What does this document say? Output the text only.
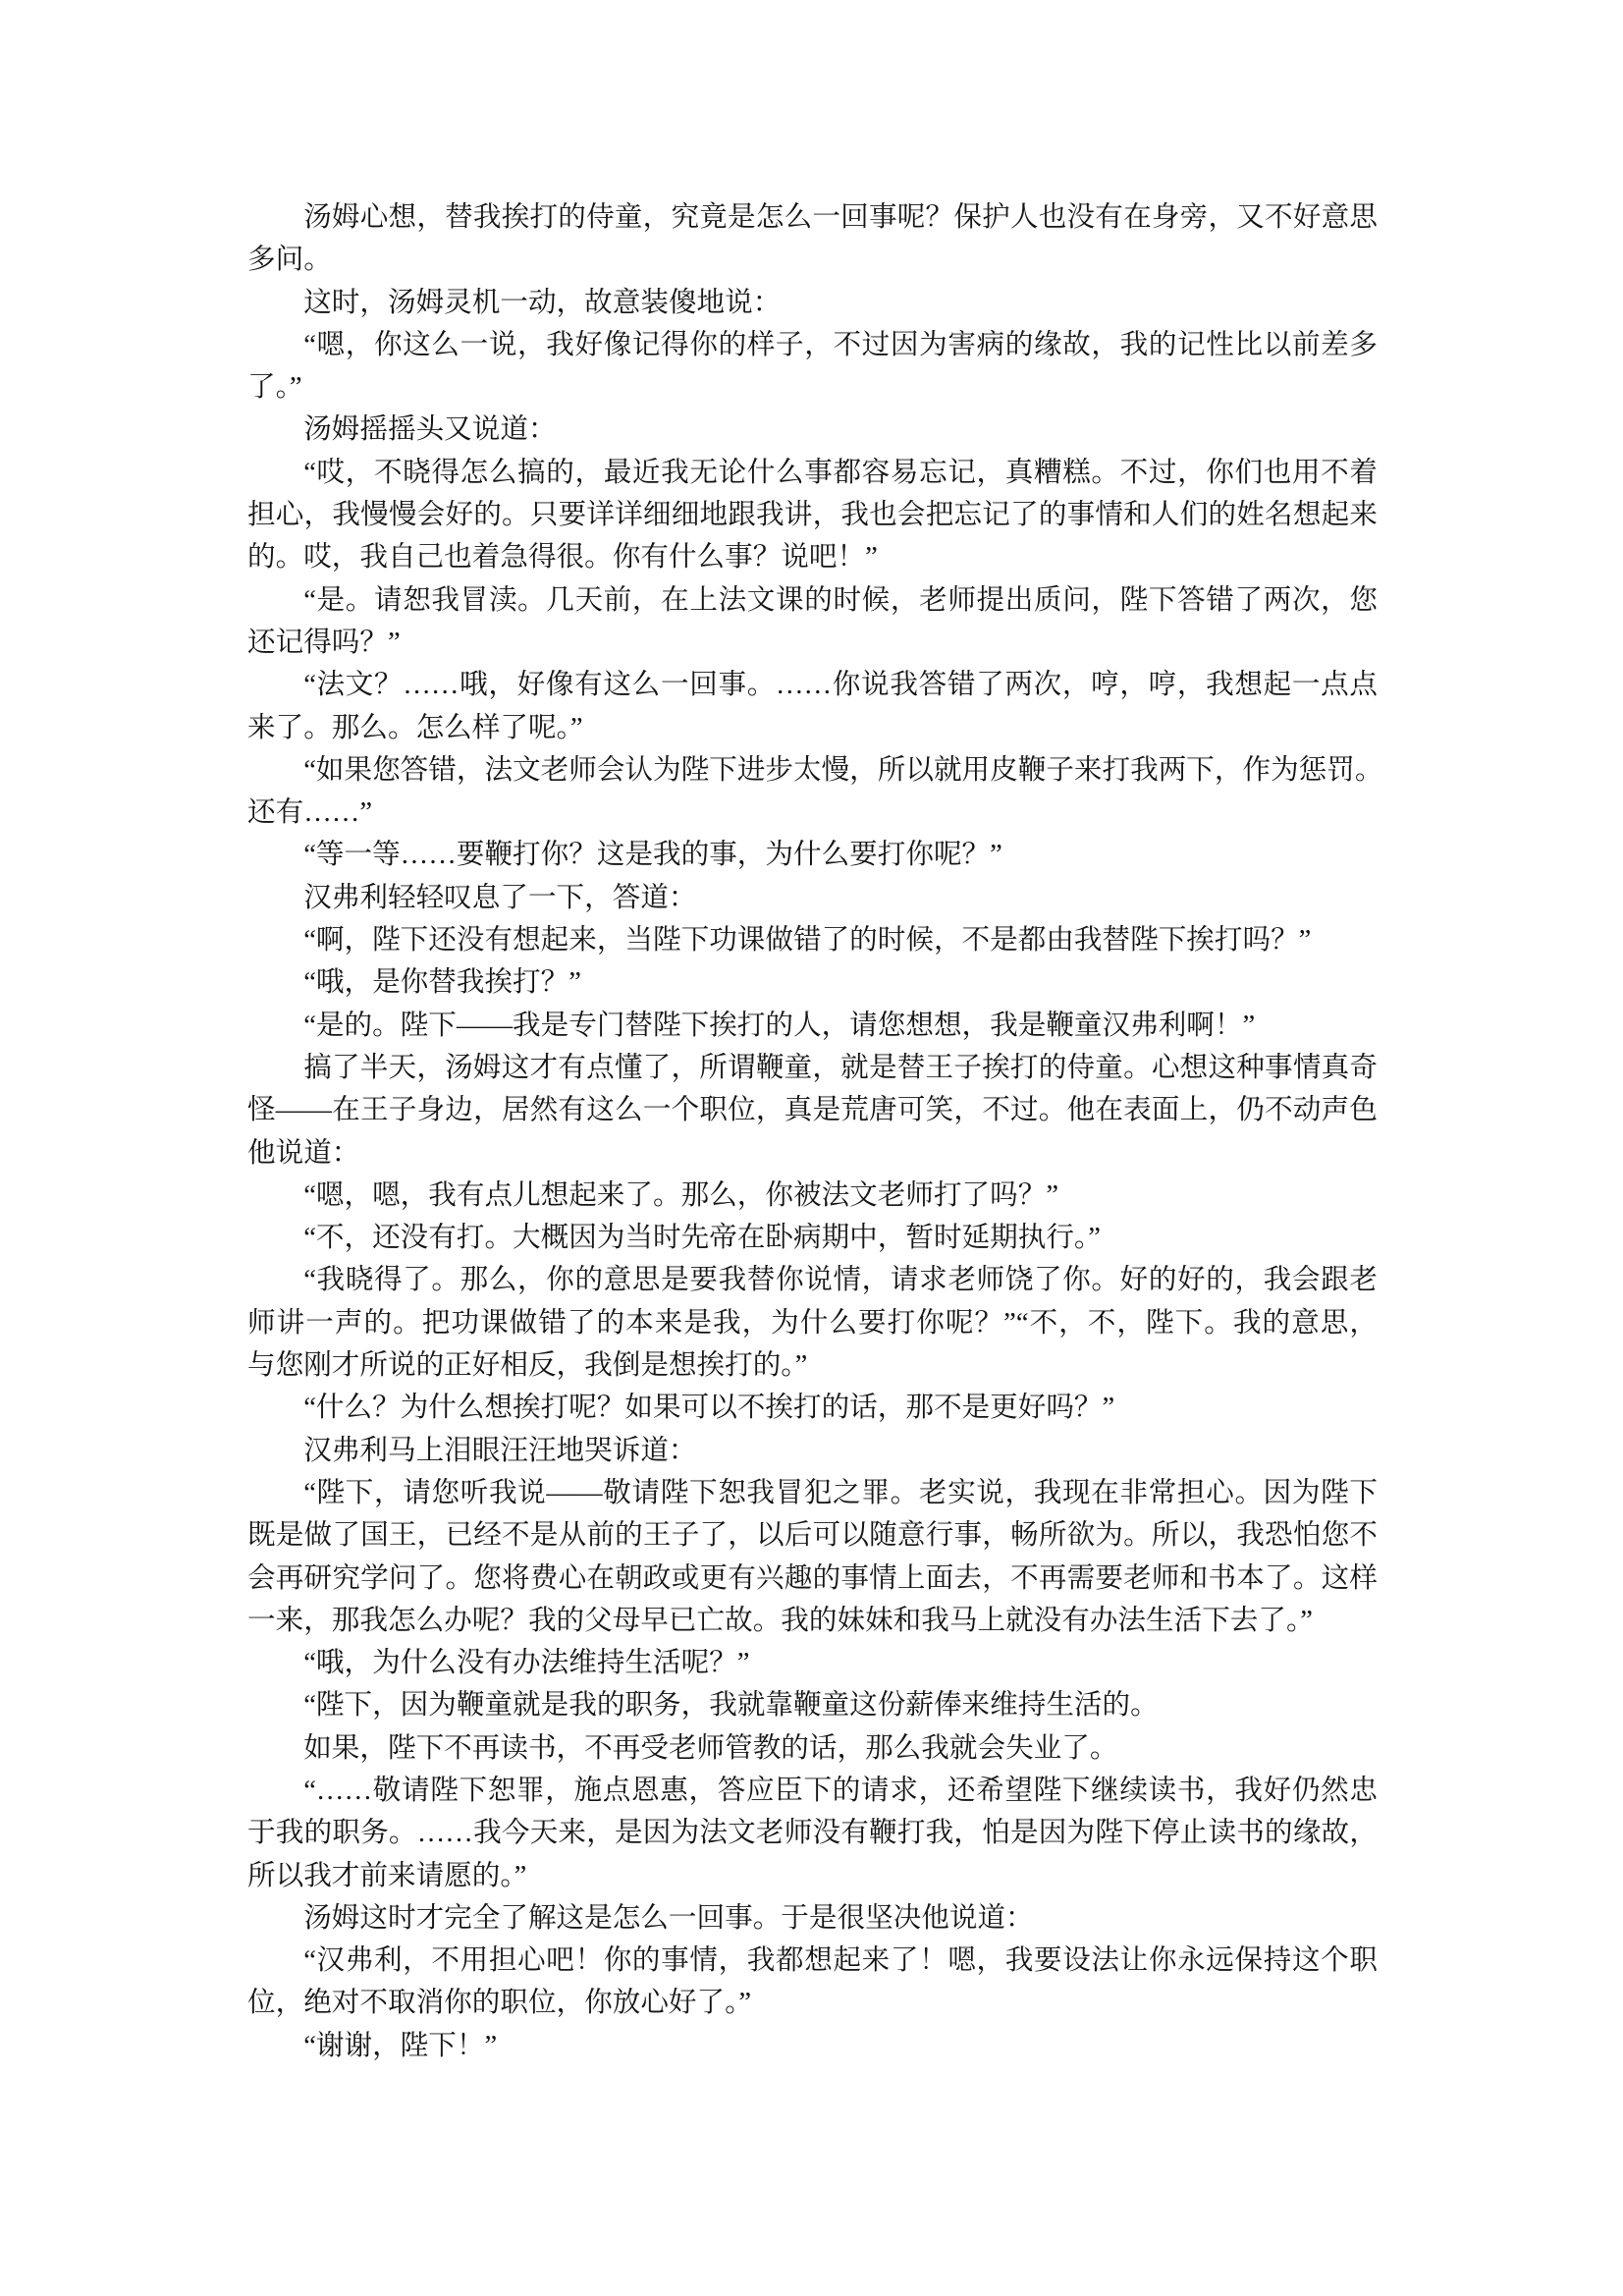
汤姆心想，替我挨打的侍童，究竟是怎么一回事呢？保护人也没有在身旁，又不好意思
多问。
这时，汤姆灵机一动，故意装傻地说：
“嗯，你这么一说，我好像记得你的样子，不过因为害病的缘故，我的记性比以前差多
了。”
汤姆摇摇头又说道：
“哎，不晓得怎么搞的，最近我无论什么事都容易忘记，真糟糕。不过，你们也用不着
担心，我慢慢会好的。只要详详细细地跟我讲，我也会把忘记了的事情和人们的姓名想起来
的。哎，我自己也着急得很。你有什么事？说吧！”
“是。请恕我冒渎。几天前，在上法文课的时候，老师提出质问，陛下答错了两次，您
还记得吗？”
“法文？……哦，好像有这么一回事。……你说我答错了两次，哼，哼，我想起一点点
来了。那么。怎么样了呢。”
“如果您答错，法文老师会认为陛下进步太慢，所以就用皮鞭子来打我两下，作为惩罚。
还有……”
“等一等……要鞭打你？这是我的事，为什么要打你呢？”
汉弗利轻轻叹息了一下，答道：
“啊，陛下还没有想起来，当陛下功课做错了的时候，不是都由我替陛下挨打吗？”
“哦，是你替我挨打？”
“是的。陛下——我是专门替陛下挨打的人，请您想想，我是鞭童汉弗利啊！”
搞了半天，汤姆这才有点懂了，所谓鞭童，就是替王子挨打的侍童。心想这种事情真奇
怪——在王子身边，居然有这么一个职位，真是荒唐可笑，不过。他在表面上，仍不动声色
他说道：
“嗯，嗯，我有点儿想起来了。那么，你被法文老师打了吗？”
“不，还没有打。大概因为当时先帝在卧病期中，暂时延期执行。”
“我晓得了。那么，你的意思是要我替你说情，请求老师饶了你。好的好的，我会跟老
师讲一声的。把功课做错了的本来是我，为什么要打你呢？”“不，不，陛下。我的意思，
与您刚才所说的正好相反，我倒是想挨打的。”
“什么？为什么想挨打呢？如果可以不挨打的话，那不是更好吗？”
汉弗利马上泪眼汪汪地哭诉道：
“陛下，请您听我说——敬请陛下恕我冒犯之罪。老实说，我现在非常担心。因为陛下
既是做了国王，已经不是从前的王子了，以后可以随意行事，畅所欲为。所以，我恐怕您不
会再研究学问了。您将费心在朝政或更有兴趣的事情上面去，不再需要老师和书本了。这样
一来，那我怎么办呢？我的父母早已亡故。我的妹妹和我马上就没有办法生活下去了。”
“哦，为什么没有办法维持生活呢？”
“陛下，因为鞭童就是我的职务，我就靠鞭童这份薪俸来维持生活的。
如果，陛下不再读书，不再受老师管教的话，那么我就会失业了。
“……敬请陛下恕罪，施点恩惠，答应臣下的请求，还希望陛下继续读书，我好仍然忠
于我的职务。……我今天来，是因为法文老师没有鞭打我，怕是因为陛下停止读书的缘故，
所以我才前来请愿的。”
汤姆这时才完全了解这是怎么一回事。于是很坚决他说道：
“汉弗利，不用担心吧！你的事情，我都想起来了！嗯，我要设法让你永远保持这个职
位，绝对不取消你的职位，你放心好了。”
“谢谢，陛下！”
